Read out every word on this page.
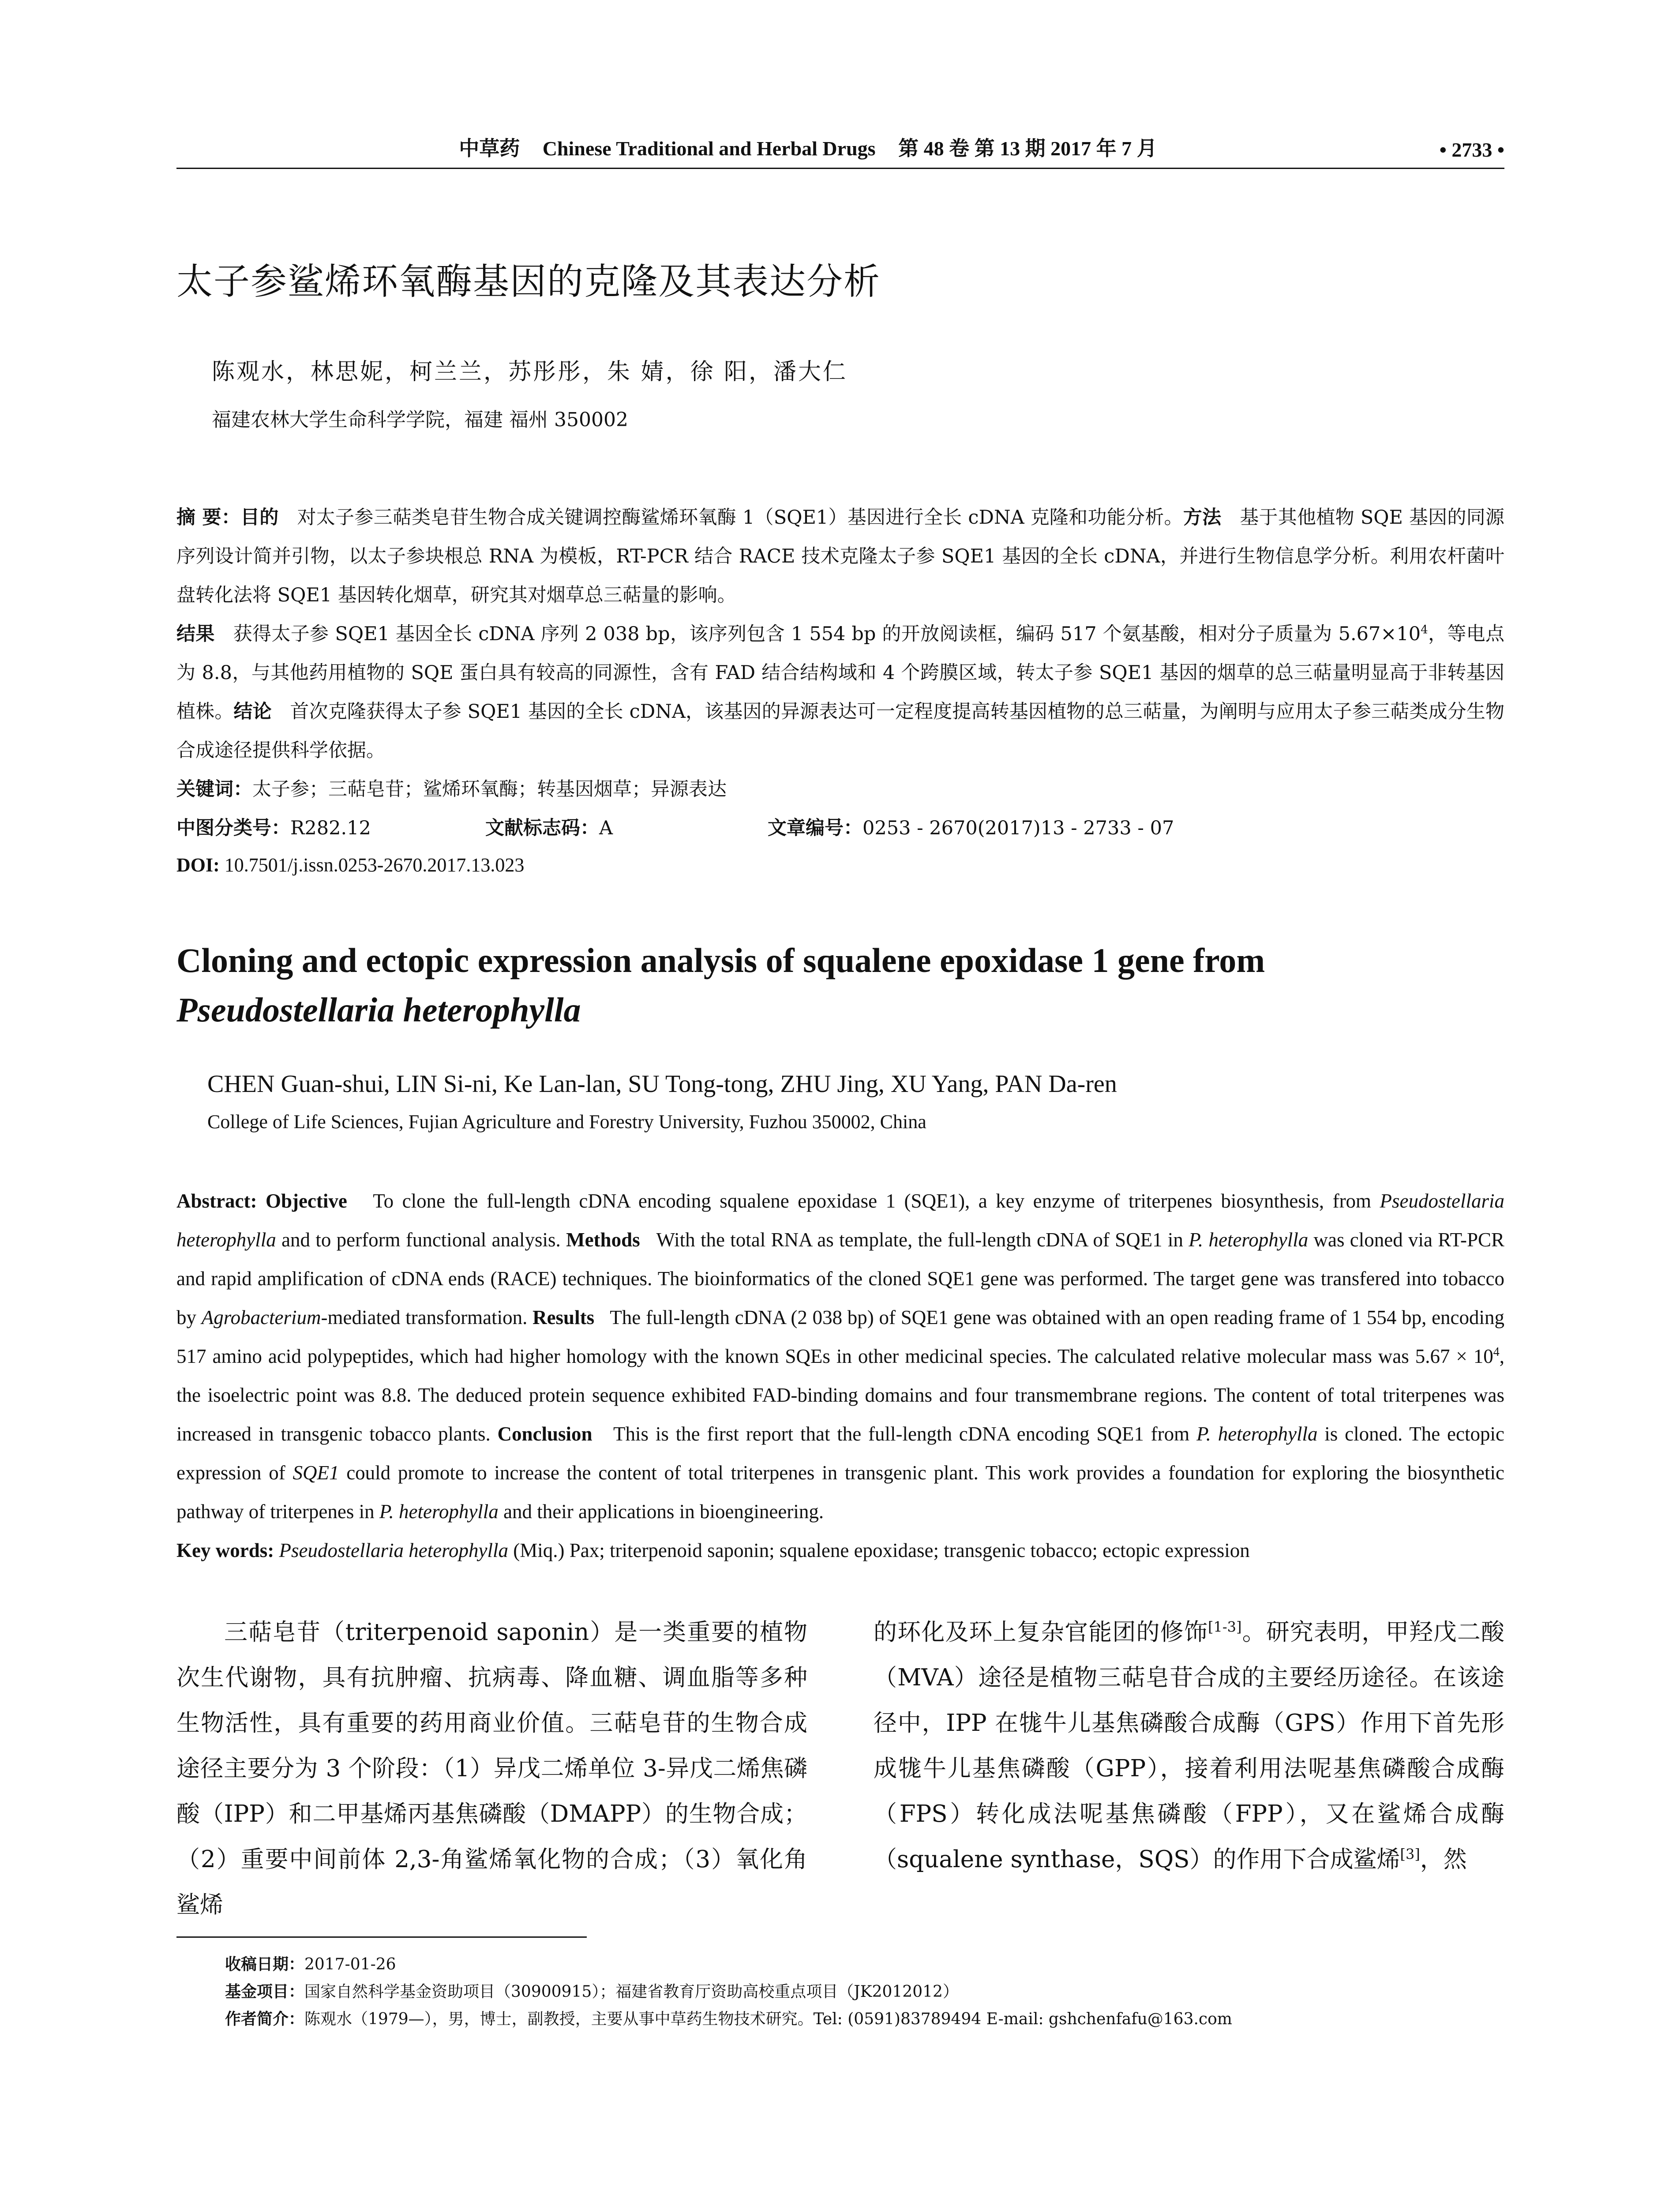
中草药 Chinese Traditional and Herbal Drugs 第 48 卷 第 13 期 2017 年 7 月	• 2733 •
太子参鲨烯环氧酶基因的克隆及其表达分析
陈观水，林思妮，柯兰兰，苏彤彤，朱 婧，徐 阳，潘大仁
福建农林大学生命科学学院，福建 福州 350002
摘 要：目的 对太子参三萜类皂苷生物合成关键调控酶鲨烯环氧酶 1（SQE1）基因进行全长 cDNA 克隆和功能分析。方法 基于其他植物 SQE 基因的同源序列设计简并引物，以太子参块根总 RNA 为模板，RT-PCR 结合 RACE 技术克隆太子参 SQE1 基因的全长 cDNA，并进行生物信息学分析。利用农杆菌叶盘转化法将 SQE1 基因转化烟草，研究其对烟草总三萜量的影响。
结果 获得太子参 SQE1 基因全长 cDNA 序列 2 038 bp，该序列包含 1 554 bp 的开放阅读框，编码 517 个氨基酸，相对分子质量为 $5.67\times 10^4$，等电点为 8.8，与其他药用植物的 SQE 蛋白具有较高的同源性，含有 FAD 结合结构域和 4 个跨膜区域，转太子参 SQE1 基因的烟草的总三萜量明显高于非转基因植株。结论 首次克隆获得太子参 SQE1 基因的全长 cDNA，该基因的异源表达可一定程度提高转基因植物的总三萜量，为阐明与应用太子参三萜类成分生物合成途径提供科学依据。
关键词：太子参；三萜皂苷；鲨烯环氧酶；转基因烟草；异源表达
中图分类号：R282.12	文献标志码：A	文章编号：0253 - 2670(2017)13 - 2733 - 07
DOI: 10.7501/j.issn.0253-2670.2017.13.023
Cloning and ectopic expression analysis of squalene epoxidase 1 gene from
Pseudostellaria heterophylla
CHEN Guan-shui, LIN Si-ni, Ke Lan-lan, SU Tong-tong, ZHU Jing, XU Yang, PAN Da-ren
College of Life Sciences, Fujian Agriculture and Forestry University, Fuzhou 350002, China
Abstract: Objective To clone the full-length cDNA encoding squalene epoxidase 1 (SQE1), a key enzyme of triterpenes biosynthesis, from Pseudostellaria heterophylla and to perform functional analysis. Methods With the total RNA as template, the full-length cDNA of SQE1 in P. heterophylla was cloned via RT-PCR and rapid amplification of cDNA ends (RACE) techniques. The bioinformatics of the cloned SQE1 gene was performed. The target gene was transfered into tobacco by Agrobacterium-mediated transformation. Results The full-length cDNA (2 038 bp) of SQE1 gene was obtained with an open reading frame of 1 554 bp, encoding 517 amino acid polypeptides, which had higher homology with the known SQEs in other medicinal species. The calculated relative molecular mass was $5.67 \times 10^4$, the isoelectric point was 8.8. The deduced protein sequence exhibited FAD-binding domains and four transmembrane regions. The content of total triterpenes was increased in transgenic tobacco plants. Conclusion This is the first report that the full-length cDNA encoding SQE1 from P. heterophylla is cloned. The ectopic expression of SQE1 could promote to increase the content of total triterpenes in transgenic plant. This work provides a foundation for exploring the biosynthetic pathway of triterpenes in P. heterophylla and their applications in bioengineering.
Key words: Pseudostellaria heterophylla (Miq.) Pax; triterpenoid saponin; squalene epoxidase; transgenic tobacco; ectopic expression
三萜皂苷（triterpenoid saponin）是一类重要的植物次生代谢物，具有抗肿瘤、抗病毒、降血糖、调血脂等多种生物活性，具有重要的药用商业价值。三萜皂苷的生物合成途径主要分为 3 个阶段：（1）异戊二烯单位 3-异戊二烯焦磷酸（IPP）和二甲基烯丙基焦磷酸（DMAPP）的生物合成；（2）重要中间前体 2,3-角鲨烯氧化物的合成；（3）氧化角鲨烯
的环化及环上复杂官能团的修饰[1-3]。研究表明，甲羟戊二酸（MVA）途径是植物三萜皂苷合成的主要经历途径。在该途径中，IPP 在牻牛儿基焦磷酸合成酶（GPS）作用下首先形成牻牛儿基焦磷酸（GPP），接着利用法呢基焦磷酸合成酶（FPS）转化成法呢基焦磷酸（FPP），又在鲨烯合成酶（squalene synthase，SQS）的作用下合成鲨烯[3]，然
收稿日期：2017-01-26
基金项目：国家自然科学基金资助项目（30900915）；福建省教育厅资助高校重点项目（JK2012012）
作者简介：陈观水（1979—），男，博士，副教授，主要从事中草药生物技术研究。Tel: (0591)83789494 E-mail: gshchenfafu@163.com
